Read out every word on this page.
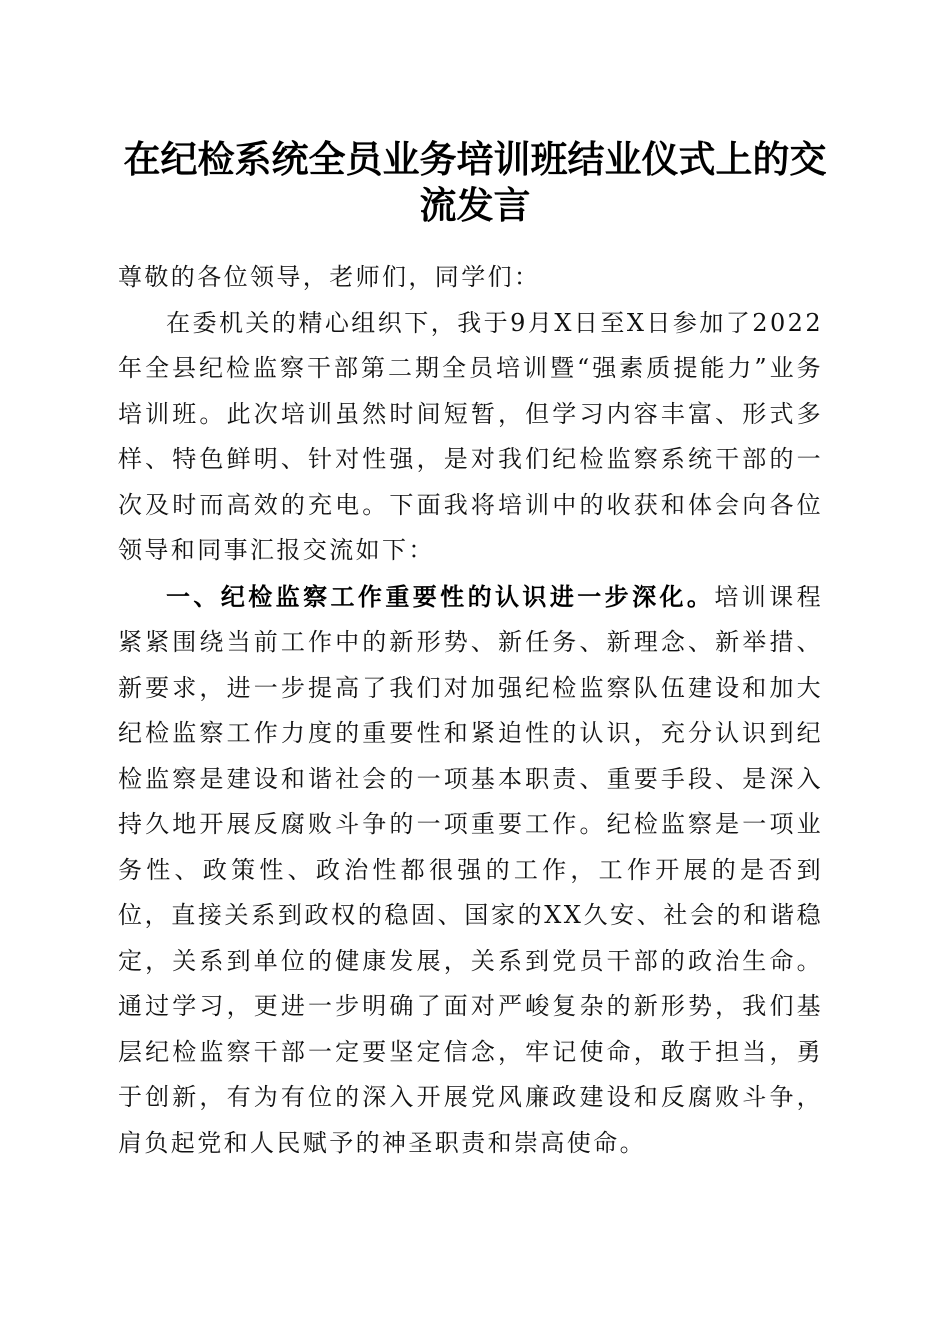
在纪检系统全员业务培训班结业仪式上的交流发言

尊敬的各位领导，老师们，同学们：

在委机关的精心组织下，我于9月X日至X日参加了2022年全县纪检监察干部第二期全员培训暨“强素质提能力”业务培训班。此次培训虽然时间短暂，但学习内容丰富、形式多样、特色鲜明、针对性强，是对我们纪检监察系统干部的一次及时而高效的充电。下面我将培训中的收获和体会向各位领导和同事汇报交流如下：

一、纪检监察工作重要性的认识进一步深化。培训课程紧紧围绕当前工作中的新形势、新任务、新理念、新举措、新要求，进一步提高了我们对加强纪检监察队伍建设和加大纪检监察工作力度的重要性和紧迫性的认识，充分认识到纪检监察是建设和谐社会的一项基本职责、重要手段、是深入持久地开展反腐败斗争的一项重要工作。纪检监察是一项业务性、政策性、政治性都很强的工作，工作开展的是否到位，直接关系到政权的稳固、国家的XX久安、社会的和谐稳定，关系到单位的健康发展，关系到党员干部的政治生命。通过学习，更进一步明确了面对严峻复杂的新形势，我们基层纪检监察干部一定要坚定信念，牢记使命，敢于担当，勇于创新，有为有位的深入开展党风廉政建设和反腐败斗争，肩负起党和人民赋予的神圣职责和崇高使命。
